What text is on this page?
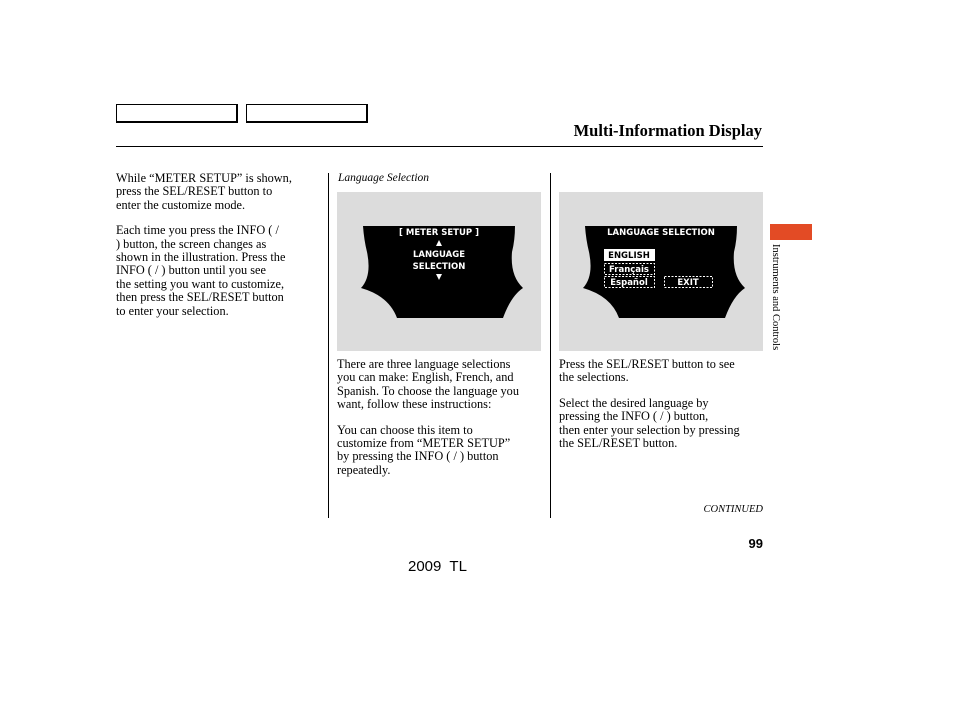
Multi-Information Display

While “METER SETUP” is shown,
press the SEL/RESET button to
enter the customize mode.

Each time you press the INFO ( /
) button, the screen changes as
shown in the illustration. Press the
INFO ( / ) button until you see
the setting you want to customize,
then press the SEL/RESET button
to enter your selection.

Language Selection
[ METER SETUP ]
LANGUAGE
SELECTION
LANGUAGE SELECTION
ENGLISH
Français
Español	EXIT

There are three language selections
you can make: English, French, and
Spanish. To choose the language you
want, follow these instructions:

You can choose this item to
customize from “METER SETUP”
by pressing the INFO ( / ) button
repeatedly.

Press the SEL/RESET button to see
the selections.

Select the desired language by
pressing the INFO ( / ) button,
then enter your selection by pressing
the SEL/RESET button.

CONTINUED
99
2009  TL
Instruments and Controls
